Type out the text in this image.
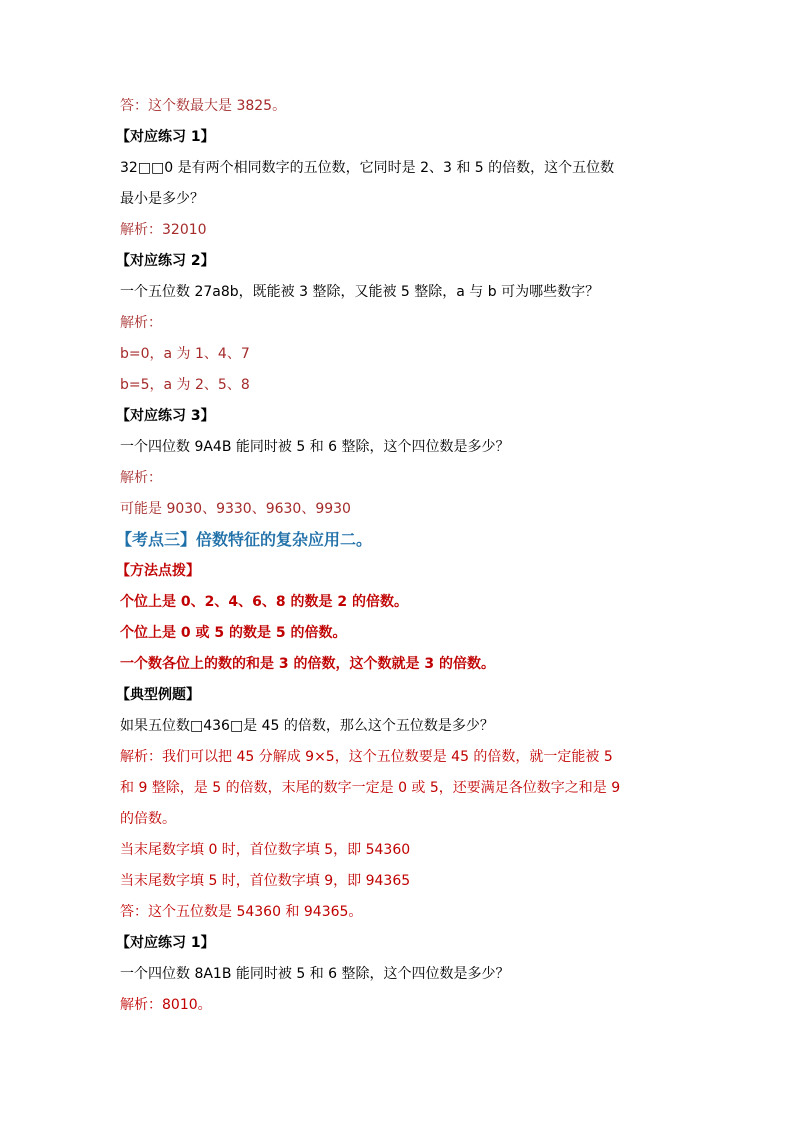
答：这个数最大是 3825。
【对应练习 1】
32□□0 是有两个相同数字的五位数，它同时是 2、3 和 5 的倍数，这个五位数
最小是多少？
解析：32010
【对应练习 2】
一个五位数 27a8b，既能被 3 整除，又能被 5 整除，a 与 b 可为哪些数字？
解析：
b=0，a 为 1、4、7
b=5，a 为 2、5、8
【对应练习 3】
一个四位数 9A4B 能同时被 5 和 6 整除，这个四位数是多少？
解析：
可能是 9030、9330、9630、9930
【考点三】倍数特征的复杂应用二。
【方法点拨】
个位上是 0、2、4、6、8 的数是 2 的倍数。
个位上是 0 或 5 的数是 5 的倍数。
一个数各位上的数的和是 3 的倍数，这个数就是 3 的倍数。
【典型例题】
如果五位数□436□是 45 的倍数，那么这个五位数是多少？
解析：我们可以把 45 分解成 9×5，这个五位数要是 45 的倍数，就一定能被 5
和 9 整除，是 5 的倍数，末尾的数字一定是 0 或 5，还要满足各位数字之和是 9
的倍数。
当末尾数字填 0 时，首位数字填 5，即 54360
当末尾数字填 5 时，首位数字填 9，即 94365
答：这个五位数是 54360 和 94365。
【对应练习 1】
一个四位数 8A1B 能同时被 5 和 6 整除，这个四位数是多少？
解析：8010。
